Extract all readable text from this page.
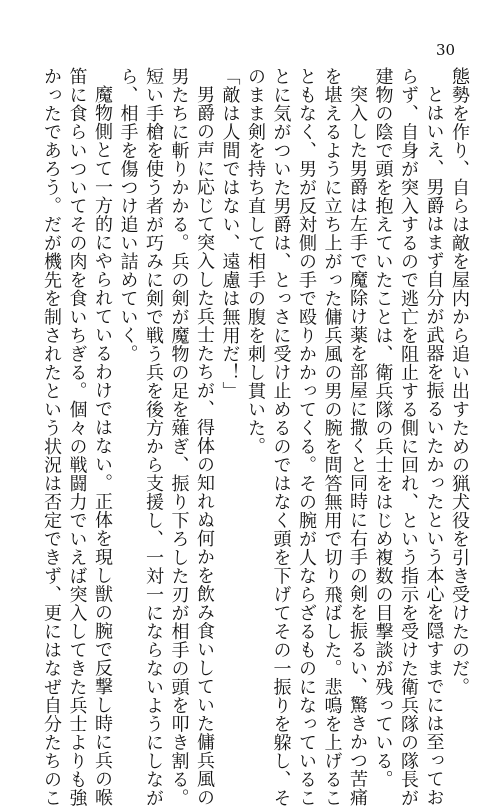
30

態勢を作り、自らは敵を屋内から追い出すための猟犬役を引き受けたのだ。

とはいえ、男爵はまず自分が武器を振るいたかったという本心を隠すまでには至ってお

らず、自身が突入するので逃亡を阻止する側に回れ、という指示を受けた衛兵隊の隊長が

建物の陰で頭を抱えていたことは、衛兵隊の兵士をはじめ複数の目撃談が残っている。

突入した男爵は左手で魔除け薬を部屋に撒くと同時に右手の剣を振るい、驚きかつ苦痛

を堪えるように立ち上がった傭兵風の男の腕を問答無用で切り飛ばした。悲鳴を上げるこ

ともなく、男が反対側の手で殴りかかってくる。その腕が人ならざるものになっているこ

とに気がついた男爵は、とっさに受け止めるのではなく頭を下げてその一振りを躱し、そ

のまま剣を持ち直して相手の腹を刺し貫いた。

「敵は人間ではない、遠慮は無用だ！」

男爵の声に応じて突入した兵士たちが、得体の知れぬ何かを飲み食いしていた傭兵風の

男たちに斬りかかる。兵の剣が魔物の足を薙ぎ、振り下ろした刃が相手の頭を叩き割る。

短い手槍を使う者が巧みに剣で戦う兵を後方から支援し、一対一にならないようにしなが

ら、相手を傷つけ追い詰めていく。

魔物側とて一方的にやられているわけではない。正体を現し獣の腕で反撃し時に兵の喉

笛に食らいついてその肉を食いちぎる。個々の戦闘力でいえば突入してきた兵士よりも強

かったであろう。だが機先を制されたという状況は否定できず、更にはなぜ自分たちのこ
